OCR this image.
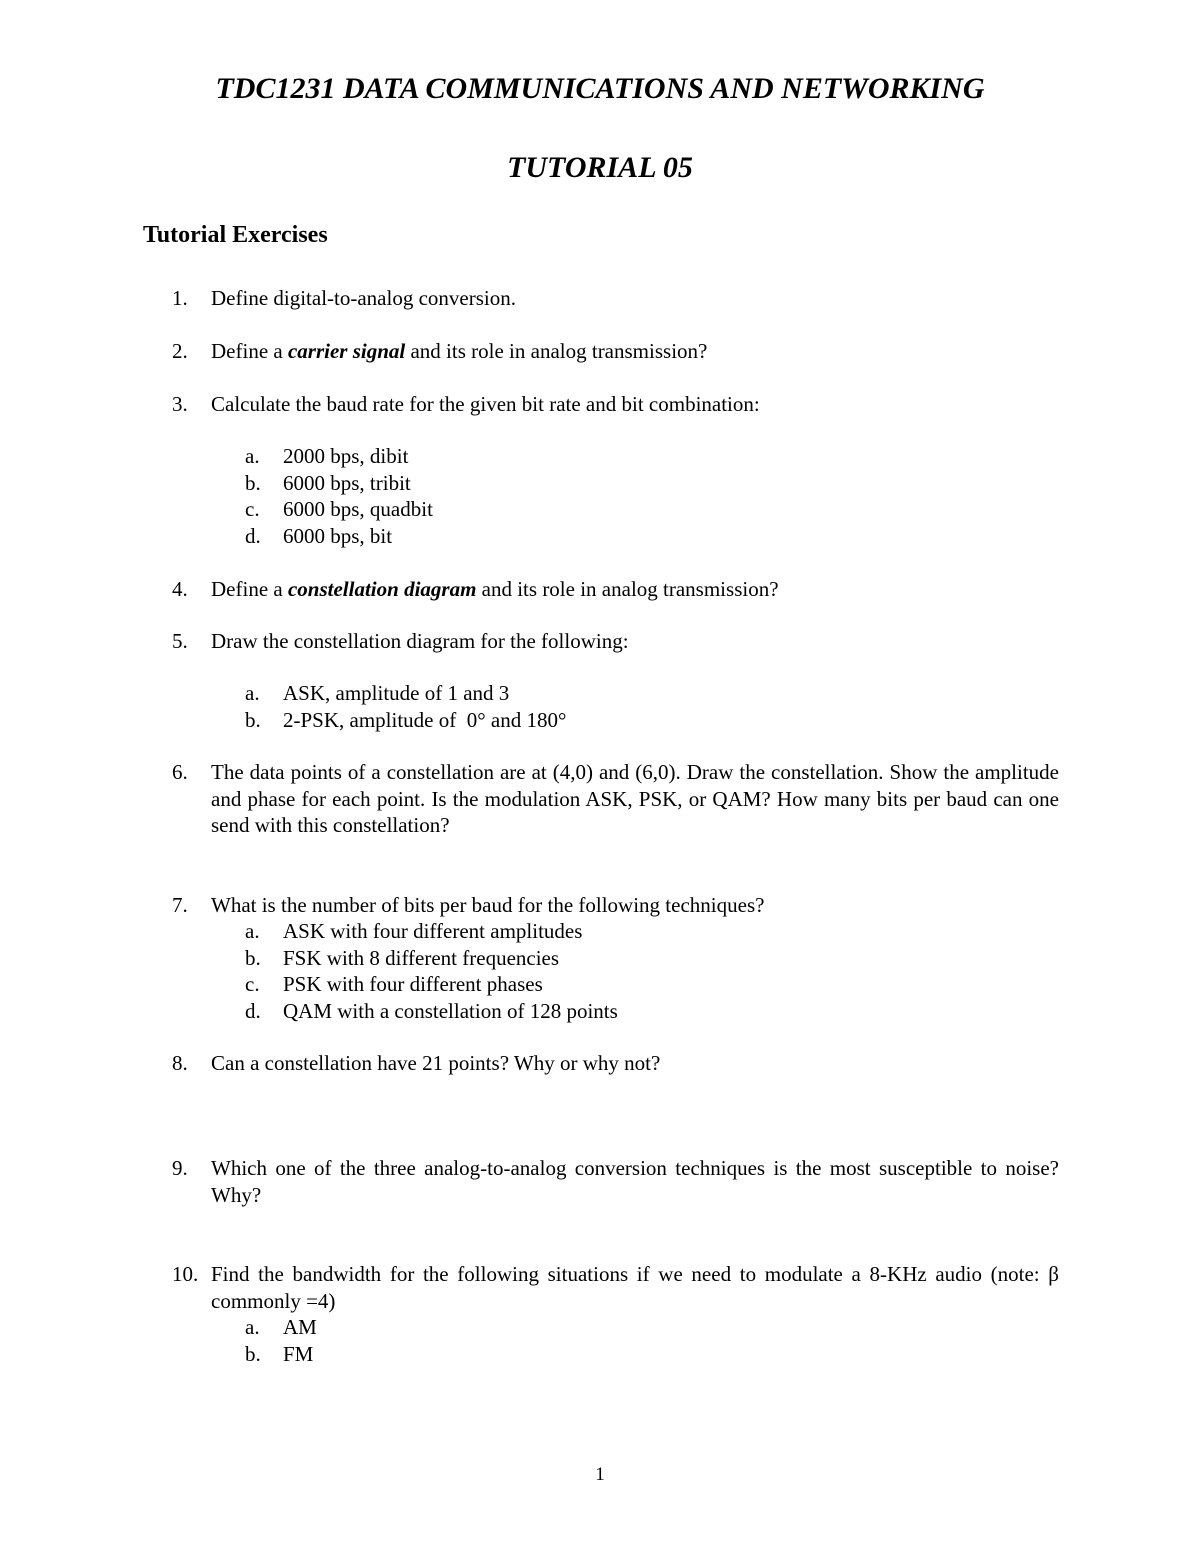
TDC1231 DATA COMMUNICATIONS AND NETWORKING
TUTORIAL 05
Tutorial Exercises
1. Define digital-to-analog conversion.
2. Define a carrier signal and its role in analog transmission?
3. Calculate the baud rate for the given bit rate and bit combination:
a. 2000 bps, dibit
b. 6000 bps, tribit
c. 6000 bps, quadbit
d. 6000 bps, bit
4. Define a constellation diagram and its role in analog transmission?
5. Draw the constellation diagram for the following:
a. ASK, amplitude of 1 and 3
b. 2-PSK, amplitude of  0° and 180°
6. The data points of a constellation are at (4,0) and (6,0). Draw the constellation. Show the amplitude and phase for each point. Is the modulation ASK, PSK, or QAM? How many bits per baud can one send with this constellation?
7. What is the number of bits per baud for the following techniques?
a. ASK with four different amplitudes
b. FSK with 8 different frequencies
c. PSK with four different phases
d. QAM with a constellation of 128 points
8. Can a constellation have 21 points? Why or why not?
9. Which one of the three analog-to-analog conversion techniques is the most susceptible to noise? Why?
10. Find the bandwidth for the following situations if we need to modulate a 8-KHz audio (note: β commonly =4)
a. AM
b. FM
1
